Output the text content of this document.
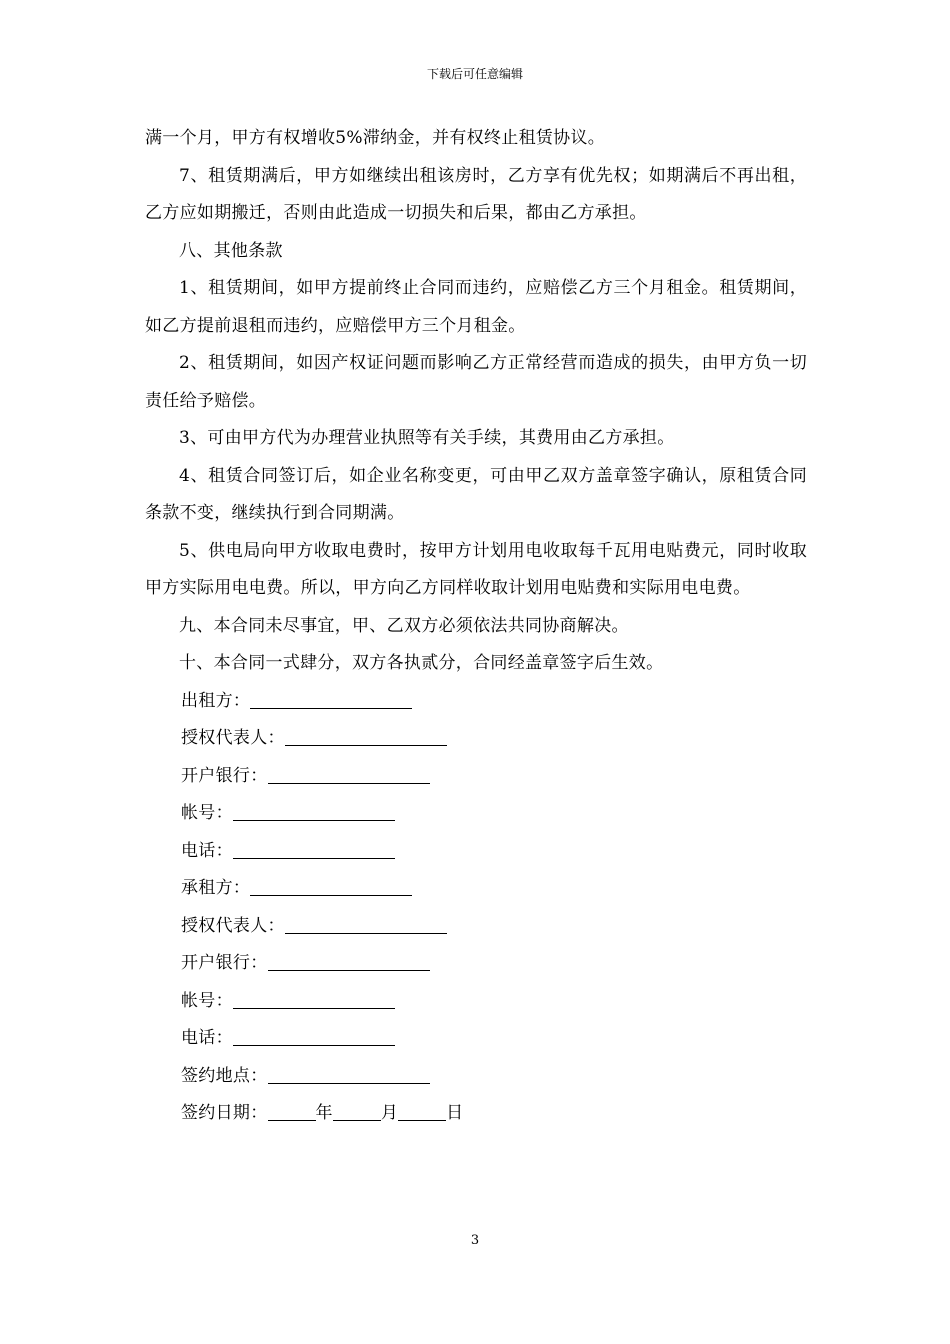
下载后可任意编辑

满一个月，甲方有权增收5%滞纳金，并有权终止租赁协议。

7、租赁期满后，甲方如继续出租该房时，乙方享有优先权；如期满后不再出租，乙方应如期搬迁，否则由此造成一切损失和后果，都由乙方承担。

八、其他条款

1、租赁期间，如甲方提前终止合同而违约，应赔偿乙方三个月租金。租赁期间，如乙方提前退租而违约，应赔偿甲方三个月租金。

2、租赁期间，如因产权证问题而影响乙方正常经营而造成的损失，由甲方负一切责任给予赔偿。

3、可由甲方代为办理营业执照等有关手续，其费用由乙方承担。

4、租赁合同签订后，如企业名称变更，可由甲乙双方盖章签字确认，原租赁合同条款不变，继续执行到合同期满。

5、供电局向甲方收取电费时，按甲方计划用电收取每千瓦用电贴费元，同时收取甲方实际用电电费。所以，甲方向乙方同样收取计划用电贴费和实际用电电费。

九、本合同未尽事宜，甲、乙双方必须依法共同协商解决。

十、本合同一式肆分，双方各执贰分，合同经盖章签字后生效。

出租方：

授权代表人：

开户银行：

帐号：

电话：

承租方：

授权代表人：

开户银行：

帐号：

电话：

签约地点：

签约日期：	年	月	日

3
